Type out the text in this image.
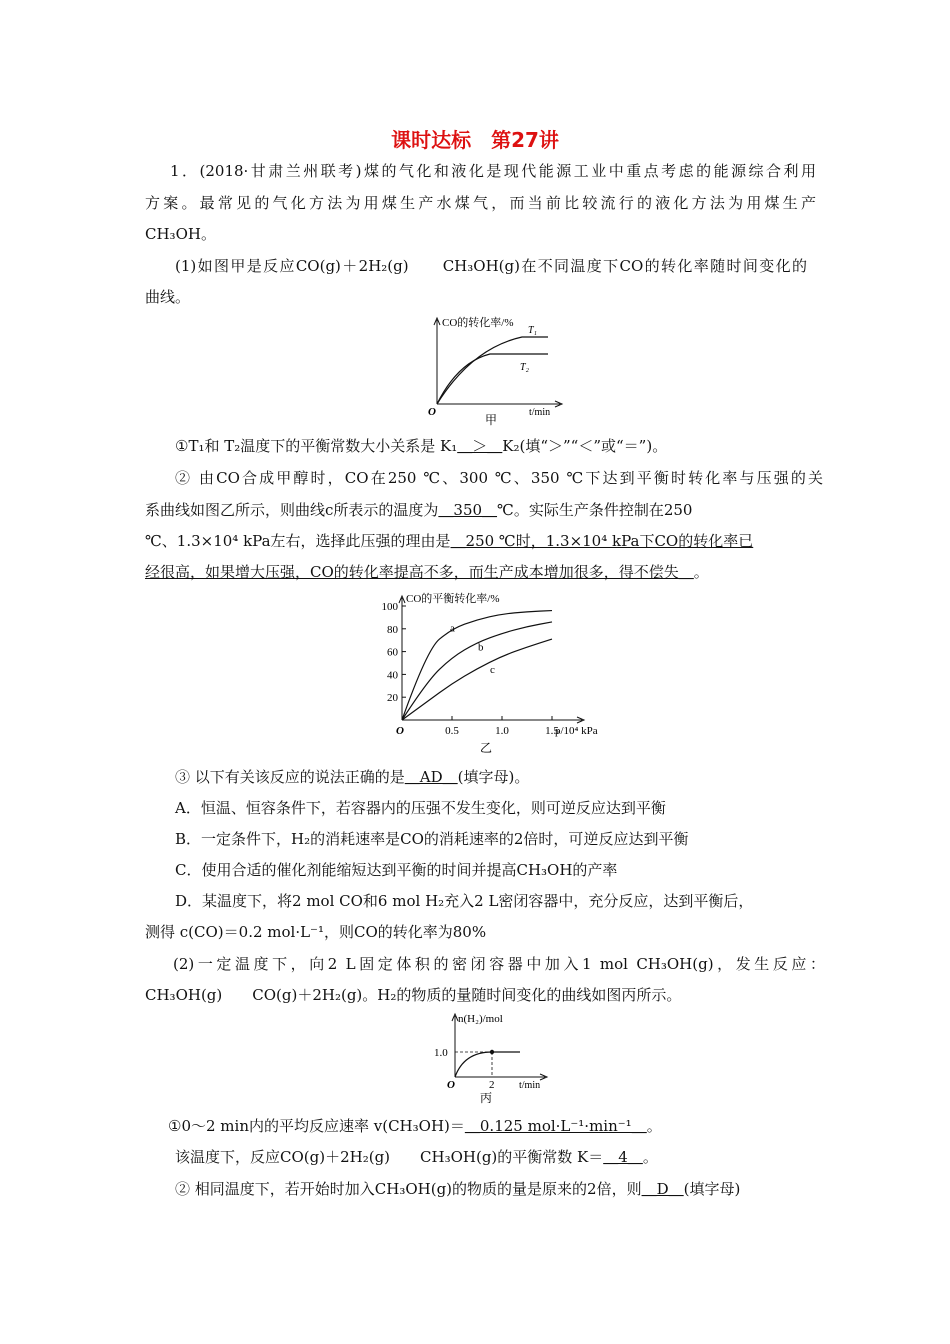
课时达标　第27讲
1．(2018·甘肃兰州联考)煤的气化和液化是现代能源工业中重点考虑的能源综合利用
方案。最常见的气化方法为用煤生产水煤气，而当前比较流行的液化方法为用煤生产
CH₃OH。
(1)如图甲是反应CO(g)＋2H₂(g)　　CH₃OH(g)在不同温度下CO的转化率随时间变化的
曲线。
CO的转化率/%
T₁
T₂
O	t/min
甲
①T₁和 T₂温度下的平衡常数大小关系是 K₁＿＞＿K₂(填“＞”“＜”或“＝”)。
② 由CO合成甲醇时，CO在250 ℃、300 ℃、350 ℃下达到平衡时转化率与压强的关
系曲线如图乙所示，则曲线c所表示的温度为＿350＿℃。实际生产条件控制在250
℃、1.3×10⁴ kPa左右，选择此压强的理由是＿250 ℃时，1.3×10⁴ kPa下CO的转化率已
经很高，如果增大压强，CO的转化率提高不多，而生产成本增加很多，得不偿失＿。
20
40
60
80
100
0.5	1.0	1.5
a
b
c
CO的平衡转化率/%
O	p/10⁴ kPa
乙
③ 以下有关该反应的说法正确的是＿AD＿(填字母)。
A．恒温、恒容条件下，若容器内的压强不发生变化，则可逆反应达到平衡
B．一定条件下，H₂的消耗速率是CO的消耗速率的2倍时，可逆反应达到平衡
C．使用合适的催化剂能缩短达到平衡的时间并提高CH₃OH的产率
D．某温度下，将2 mol CO和6 mol H₂充入2 L密闭容器中，充分反应，达到平衡后，
测得 c(CO)＝0.2 mol·L⁻¹，则CO的转化率为80%
(2)一定温度下，向2 L固定体积的密闭容器中加入1 mol CH₃OH(g)，发生反应：
CH₃OH(g)　　CO(g)＋2H₂(g)。H₂的物质的量随时间变化的曲线如图丙所示。
n(H₂)/mol
1.0
O	2 t/min
丙
①0～2 min内的平均反应速率 v(CH₃OH)＝＿0.125 mol·L⁻¹·min⁻¹＿。
该温度下，反应CO(g)＋2H₂(g)　　CH₃OH(g)的平衡常数 K＝＿4＿。
② 相同温度下，若开始时加入CH₃OH(g)的物质的量是原来的2倍，则＿D＿(填字母)
